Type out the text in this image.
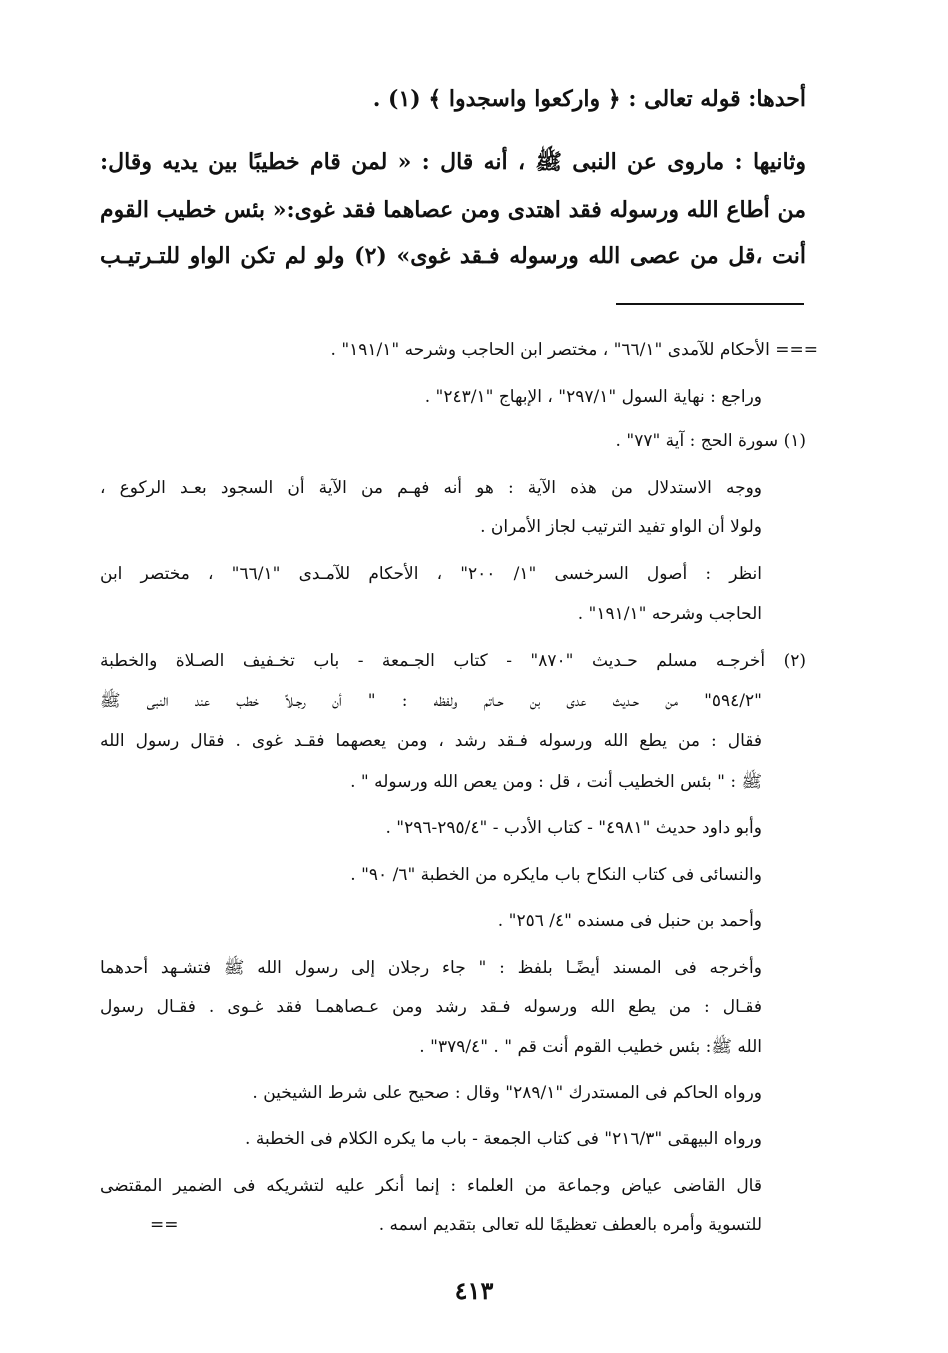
أحدها: قوله تعالى : ﴿ واركعوا واسجدوا ﴾ (١) .
وثانيها : ماروى عن النبى ﷺ ، أنه قال : « لمن قام خطيبًا بين يديه وقال:
من أطاع الله ورسوله فقد اهتدى ومن عصاهما فقد غوى:« بئس خطيب القوم
أنت ،قل من عصى الله ورسوله فـقد غوى» (٢) ولو لم تكن الواو للتـرتيـب
=== الأحكام للآمدى "٦٦/١" ، مختصر ابن الحاجب وشرحه "١٩١/١" .
وراجع : نهاية السول "٢٩٧/١" ، الإبهاج "٢٤٣/١" .
(١) سورة الحج : آية "٧٧" .
ووجه الاستدلال من هذه الآية : هو أنه فهـم من الآية أن السجود بعـد الركوع ،
ولولا أن الواو تفيد الترتيب لجاز الأمران .
انظر : أصول السرخسى "١/ ٢٠٠" ، الأحكام للآمـدى "٦٦/١" ، مختصر ابن
الحاجب وشرحه "١٩١/١" .
(٢) أخرجـه مسلم حـديث "٨٧٠" - كتاب الجـمعة - باب تخـفيف الصـلاة والخطبة
"٥٩٤/٢" من حـديث عدى بن حـاتم ولفظه : " أن رجـلاً خطب عند النبى ﷺ
فقال : من يطع الله ورسوله فـقد رشد ، ومن يعصهما فقـد غوى . فقال رسول الله
ﷺ : " بئس الخطيب أنت ، قل : ومن يعص الله ورسوله " .
وأبو داود حديث "٤٩٨١" - كتاب الأدب - "٢٩٥/٤-٢٩٦" .
والنسائى فى كتاب النكاح باب مايكره من الخطبة "٦/ ٩٠" .
وأحمد بن حنبل فى مسنده "٤/ ٢٥٦" .
وأخرجه فى المسند أيضًـا بلفظ : " جاء رجلان إلى رسول الله ﷺ فتشـهد أحدهما
فقـال : من يطع الله ورسوله فـقد رشد ومن عـصاهمـا فقد غـوى . فقـال رسول
الله ﷺ: بئس خطيب القوم أنت قم " . "٣٧٩/٤" .
ورواه الحاكم فى المستدرك "٢٨٩/١" وقال : صحيح على شرط الشيخين .
ورواه البيهقى "٢١٦/٣" فى كتاب الجمعة - باب ما يكره الكلام فى الخطبة .
قال القاضى عياض وجماعة من العلماء : إنما أنكر عليه لتشريكه فى الضمير المقتضى
للتسوية وأمره بالعطف تعظيمًا لله تعالى بتقديم اسمه .
==
٤١٣
